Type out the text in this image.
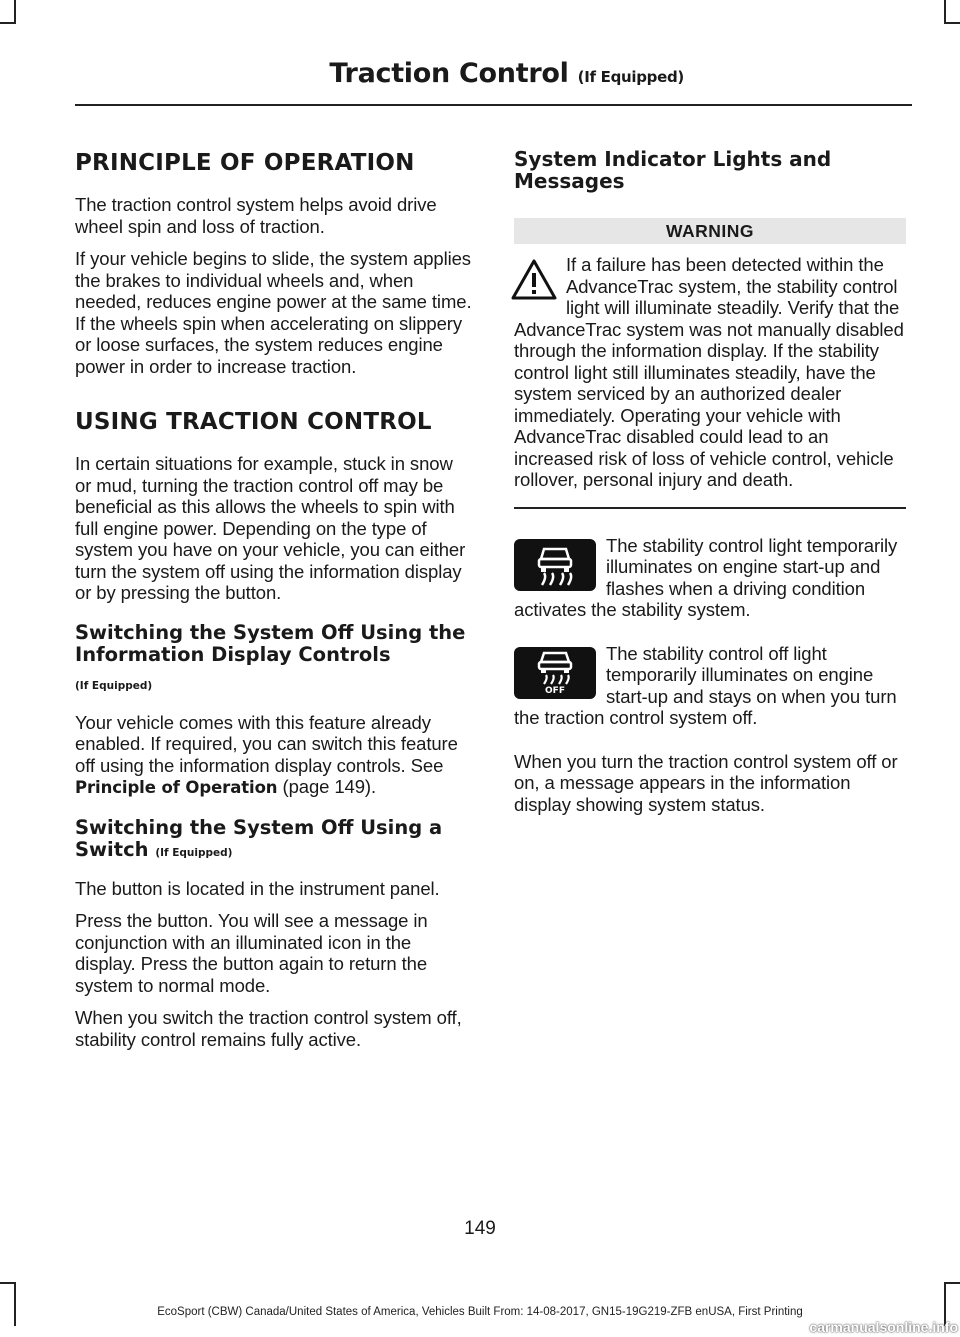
Traction Control (If Equipped)
PRINCIPLE OF OPERATION

The traction control system helps avoid drive wheel spin and loss of traction.

If your vehicle begins to slide, the system applies the brakes to individual wheels and, when needed, reduces engine power at the same time. If the wheels spin when accelerating on slippery or loose surfaces, the system reduces engine power in order to increase traction.

USING TRACTION CONTROL

In certain situations for example, stuck in snow or mud, turning the traction control off may be beneficial as this allows the wheels to spin with full engine power. Depending on the type of system you have on your vehicle, you can either turn the system off using the information display or by pressing the button.

Switching the System Off Using the Information Display Controls
(If Equipped)

Your vehicle comes with this feature already enabled. If required, you can switch this feature off using the information display controls. See Principle of Operation (page 149).

Switching the System Off Using a Switch (If Equipped)

The button is located in the instrument panel.

Press the button. You will see a message in conjunction with an illuminated icon in the display. Press the button again to return the system to normal mode.

When you switch the traction control system off, stability control remains fully active.

System Indicator Lights and Messages
WARNING

If a failure has been detected within the AdvanceTrac system, the stability control light will illuminate steadily. Verify that the AdvanceTrac system was not manually disabled through the information display. If the stability control light still illuminates steadily, have the system serviced by an authorized dealer immediately. Operating your vehicle with AdvanceTrac disabled could lead to an increased risk of loss of vehicle control, vehicle rollover, personal injury and death.

The stability control light temporarily illuminates on engine start-up and flashes when a driving condition activates the stability system.

OFF

The stability control off light temporarily illuminates on engine start-up and stays on when you turn the traction control system off.

When you turn the traction control system off or on, a message appears in the information display showing system status.

149
EcoSport (CBW) Canada/United States of America, Vehicles Built From: 14-08-2017, GN15-19G219-ZFB enUSA, First Printing
carmanualsonline.info
